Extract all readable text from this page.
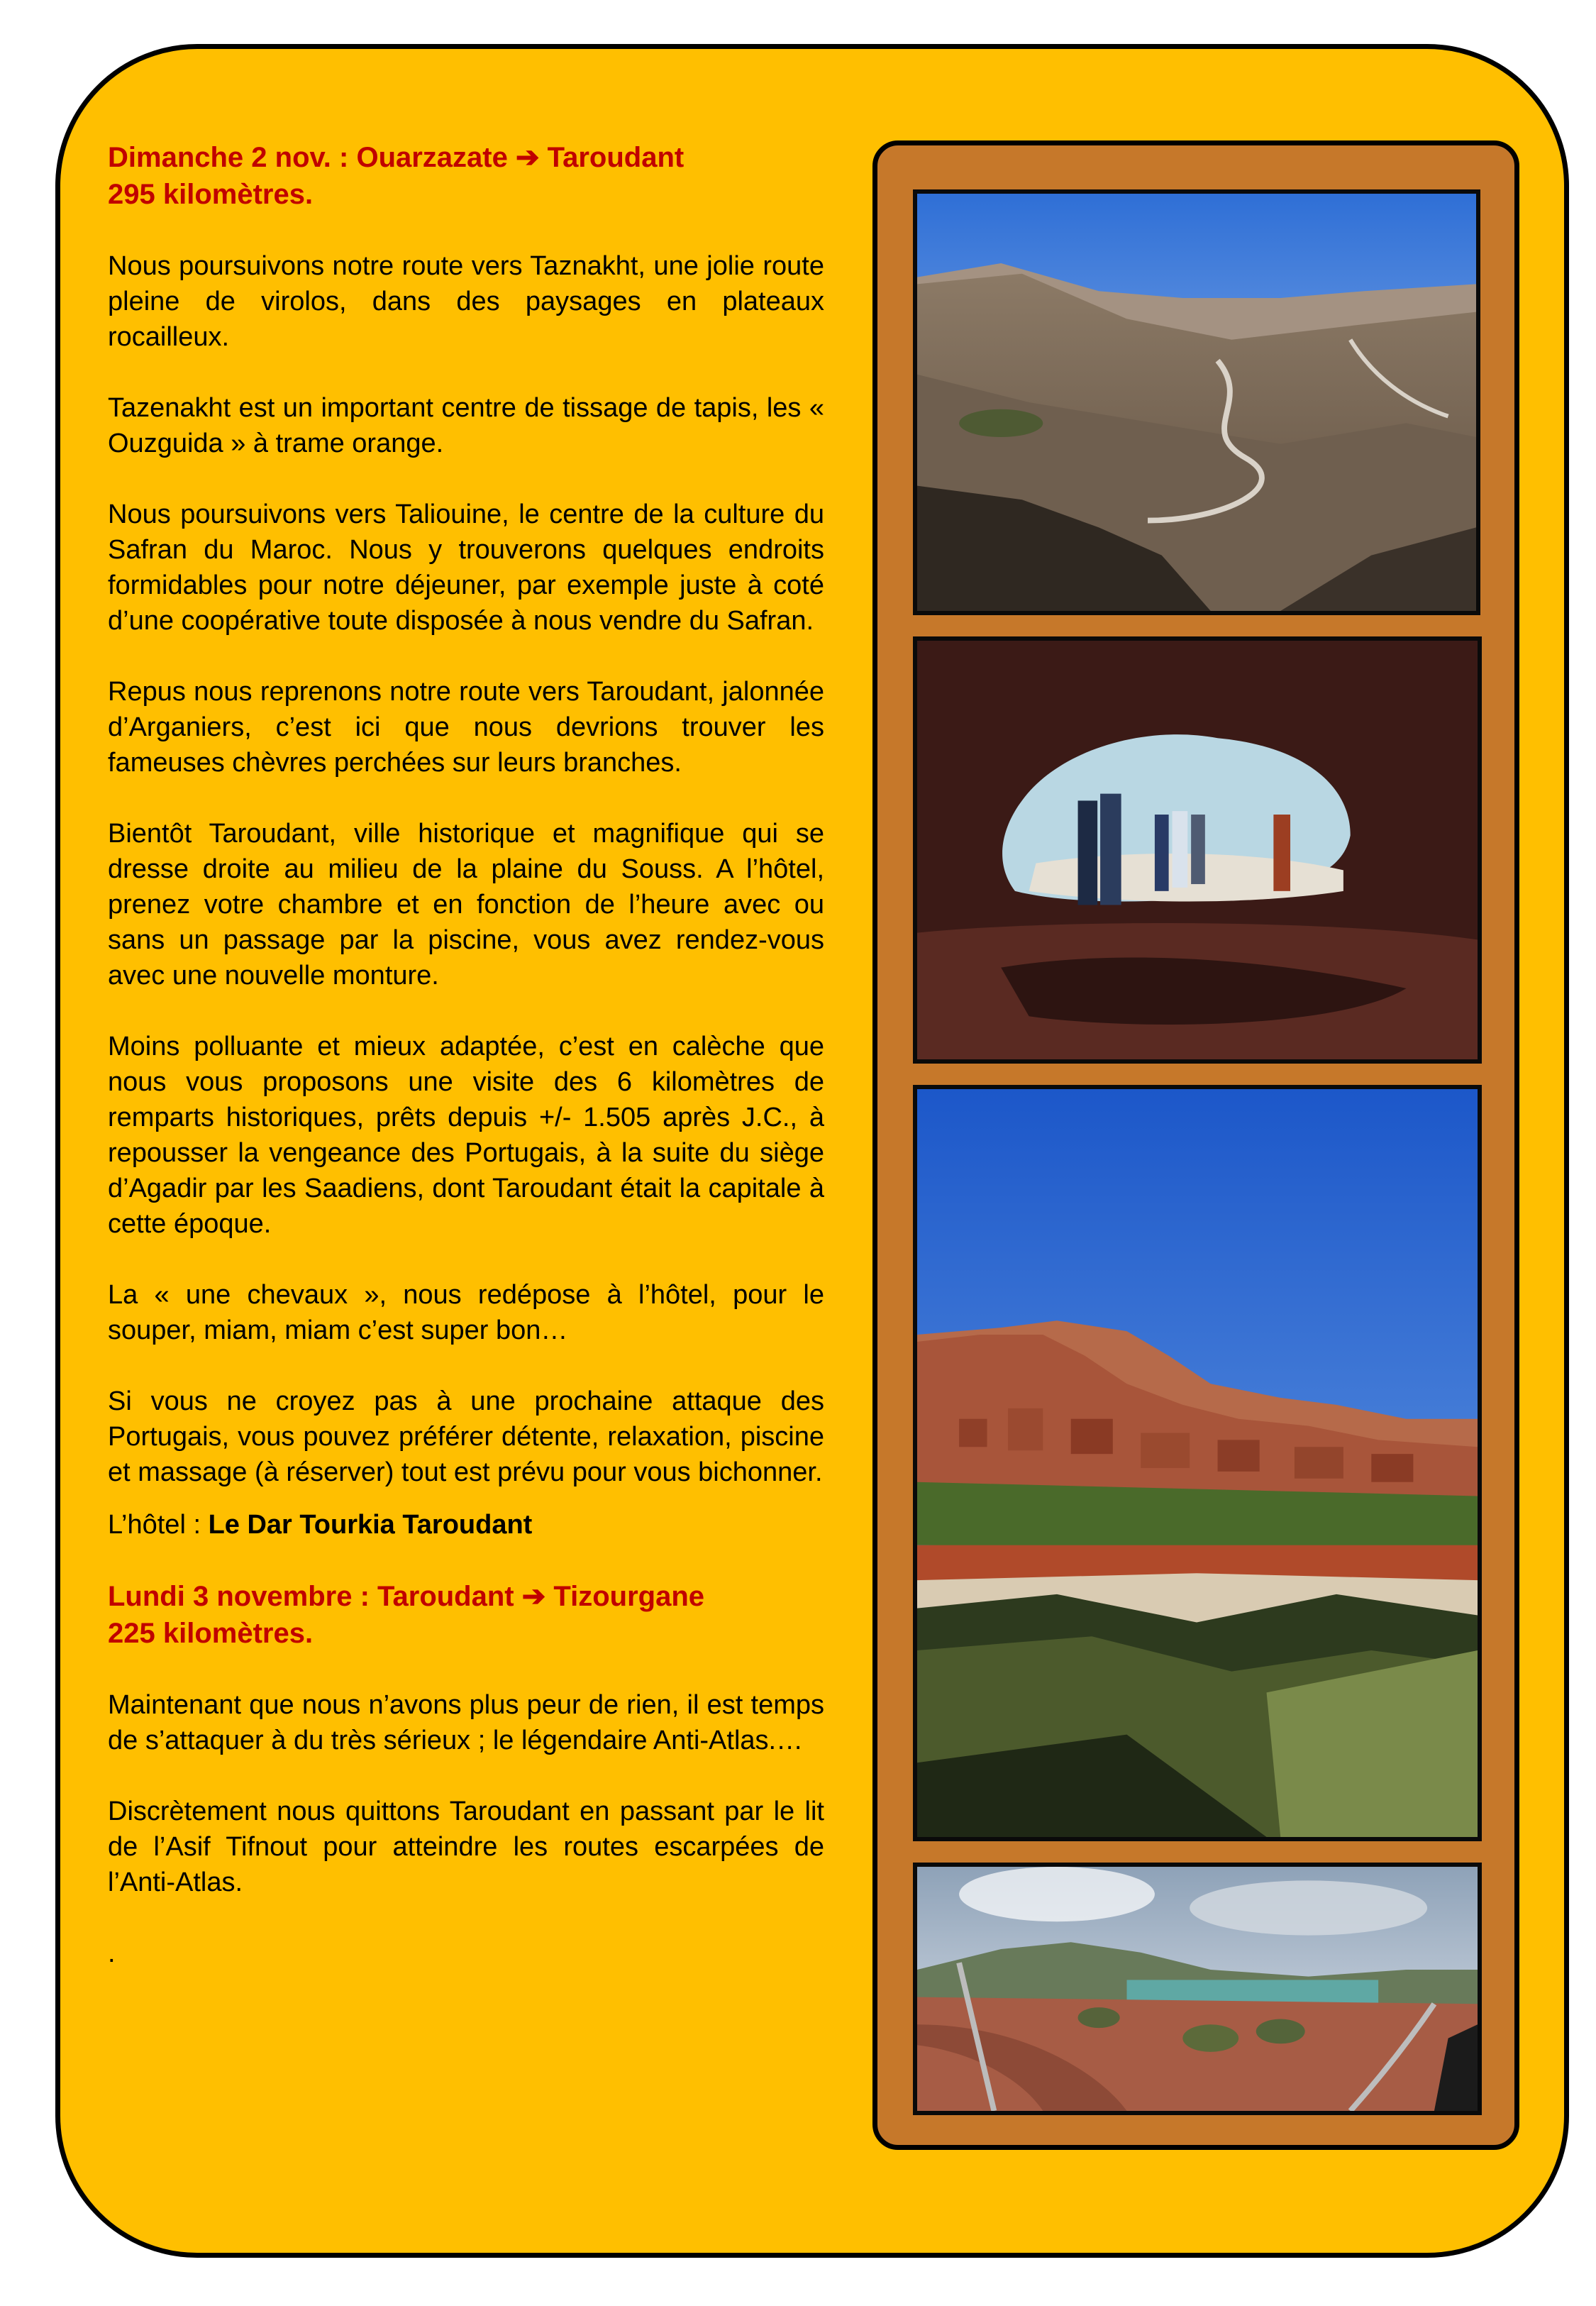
Dimanche 2 nov. : Ouarzazate ➔ Taroudant
295 kilomètres.

Nous poursuivons notre route vers Taznakht, une jolie route pleine de virolos, dans des paysages en plateaux rocailleux.

Tazenakht est un important centre de tissage de tapis, les « Ouzguida » à trame orange.

Nous poursuivons vers Taliouine, le centre de la culture du Safran du Maroc. Nous y trouverons quelques endroits formidables pour notre déjeuner, par exemple juste à coté d’une coopérative toute disposée à nous vendre du Safran.

Repus nous reprenons notre route vers Taroudant, jalonnée d’Arganiers, c’est ici que nous devrions trouver les fameuses chèvres perchées sur leurs branches.

Bientôt Taroudant, ville historique et magnifique qui se dresse droite au milieu de la plaine du Souss. A l’hôtel, prenez votre chambre et en fonction de l’heure avec ou sans un passage par la piscine, vous avez rendez-vous avec une nouvelle monture.

Moins polluante et mieux adaptée, c’est en calèche que nous vous proposons une visite des 6 kilomètres de remparts historiques, prêts depuis +/- 1.505 après J.C., à repousser la vengeance des Portugais, à la suite du siège d’Agadir par les Saadiens, dont Taroudant était la capitale à cette époque.

La « une chevaux », nous redépose à l’hôtel, pour le souper, miam, miam c’est super bon…

Si vous ne croyez pas à une prochaine attaque des Portugais, vous pouvez préférer détente, relaxation, piscine et massage (à réserver) tout est prévu pour vous bichonner.

L’hôtel : Le Dar Tourkia Taroudant

Lundi 3 novembre : Taroudant ➔ Tizourgane
225 kilomètres.

Maintenant que nous n’avons plus peur de rien, il est temps de s’attaquer à du très sérieux ; le légendaire Anti-Atlas.…

Discrètement nous quittons Taroudant en passant par le lit de l’Asif Tifnout pour atteindre les routes escarpées de l’Anti-Atlas.

.
